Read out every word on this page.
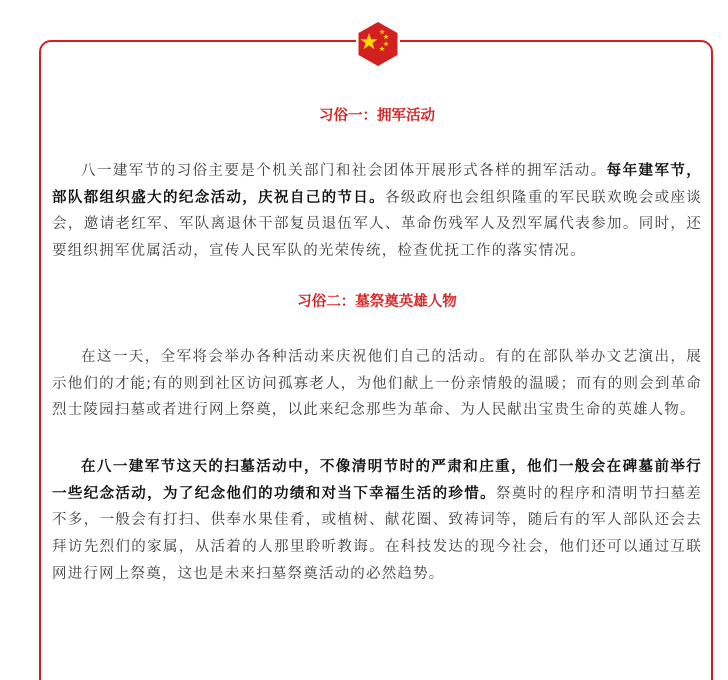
习俗一：拥军活动

八一建军节的习俗主要是个机关部门和社会团体开展形式各样的拥军活动。每年建军节，部队都组织盛大的纪念活动，庆祝自己的节日。各级政府也会组织隆重的军民联欢晚会或座谈会，邀请老红军、军队离退休干部复员退伍军人、革命伤残军人及烈军属代表参加。同时，还要组织拥军优属活动，宣传人民军队的光荣传统，检查优抚工作的落实情况。

习俗二：墓祭奠英雄人物

在这一天，全军将会举办各种活动来庆祝他们自己的活动。有的在部队举办文艺演出，展示他们的才能;有的则到社区访问孤寡老人，为他们献上一份亲情般的温暖；而有的则会到革命烈士陵园扫墓或者进行网上祭奠，以此来纪念那些为革命、为人民献出宝贵生命的英雄人物。

在八一建军节这天的扫墓活动中，不像清明节时的严肃和庄重，他们一般会在碑墓前举行一些纪念活动，为了纪念他们的功绩和对当下幸福生活的珍惜。祭奠时的程序和清明节扫墓差不多，一般会有打扫、供奉水果佳肴，或植树、献花圈、致祷词等，随后有的军人部队还会去拜访先烈们的家属，从活着的人那里聆听教诲。在科技发达的现今社会，他们还可以通过互联网进行网上祭奠，这也是未来扫墓祭奠活动的必然趋势。
